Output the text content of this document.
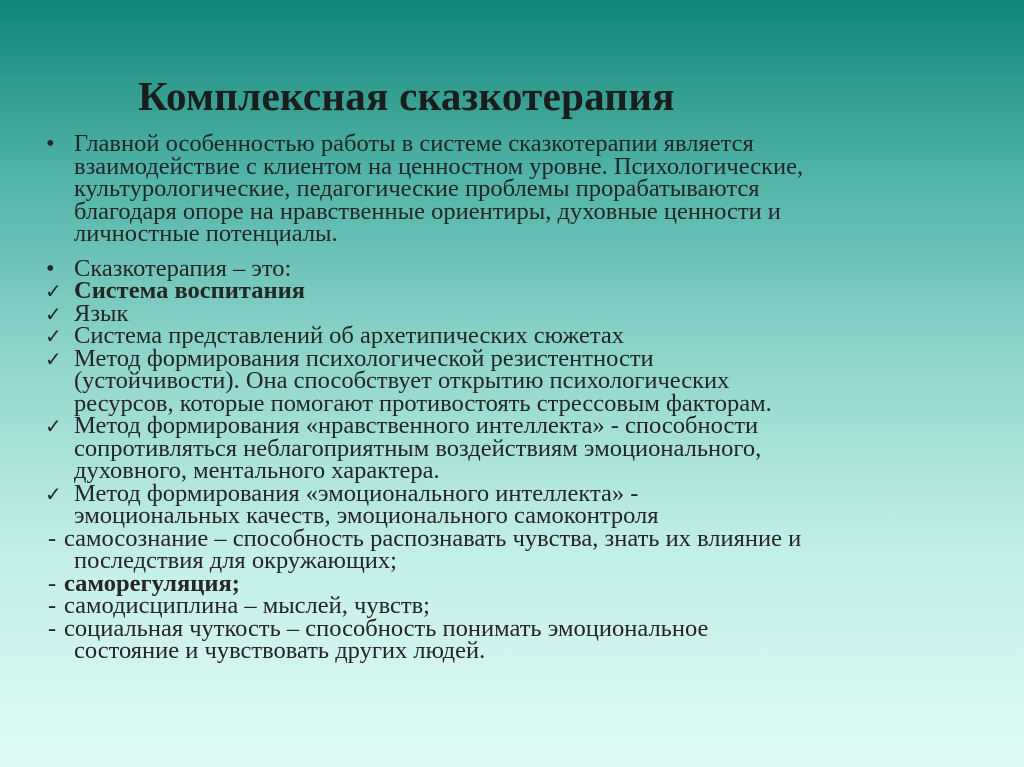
Комплексная сказкотерапия
• Главной особенностью работы в системе сказкотерапии является
взаимодействие с клиентом на ценностном уровне. Психологические,
культурологические, педагогические проблемы прорабатываются
благодаря опоре на нравственные ориентиры, духовные ценности и
личностные потенциалы.
• Сказкотерапия – это:
✓ Система воспитания
✓ Язык
✓ Система представлений об архетипических сюжетах
✓ Метод формирования психологической резистентности
(устойчивости). Она способствует открытию психологических
ресурсов, которые помогают противостоять стрессовым факторам.
✓ Метод формирования «нравственного интеллекта» - способности
сопротивляться неблагоприятным воздействиям эмоционального,
духовного, ментального характера.
✓ Метод формирования «эмоционального интеллекта» -
эмоциональных качеств, эмоционального самоконтроля
- самосознание – способность распознавать чувства, знать их влияние и
последствия для окружающих;
- саморегуляция;
- самодисциплина – мыслей, чувств;
- социальная чуткость – способность понимать эмоциональное
состояние и чувствовать других людей.
